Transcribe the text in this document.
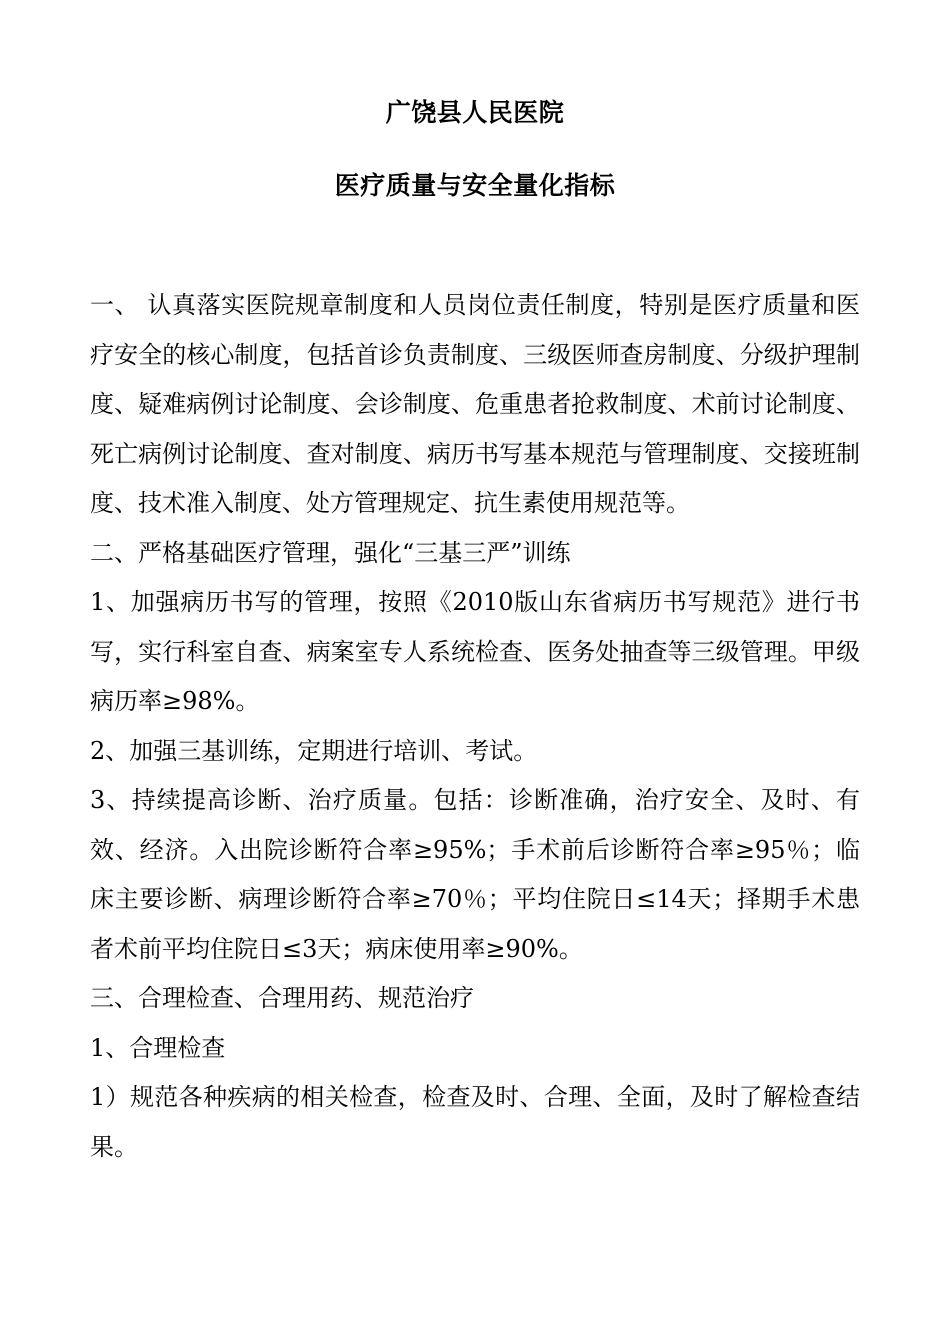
广饶县人民医院
医疗质量与安全量化指标

一、 认真落实医院规章制度和人员岗位责任制度，特别是医疗质量和医疗安全的核心制度，包括首诊负责制度、三级医师查房制度、分级护理制度、疑难病例讨论制度、会诊制度、危重患者抢救制度、术前讨论制度、死亡病例讨论制度、查对制度、病历书写基本规范与管理制度、交接班制度、技术准入制度、处方管理规定、抗生素使用规范等。

二、严格基础医疗管理，强化“三基三严”训练

1、加强病历书写的管理，按照《2010版山东省病历书写规范》进行书写，实行科室自查、病案室专人系统检查、医务处抽查等三级管理。甲级病历率≥98%。

2、加强三基训练，定期进行培训、考试。

3、持续提高诊断、治疗质量。包括：诊断准确，治疗安全、及时、有效、经济。入出院诊断符合率≥95%；手术前后诊断符合率≥95％；临床主要诊断、病理诊断符合率≥70％；平均住院日≤14天；择期手术患者术前平均住院日≤3天；病床使用率≥90%。

三、合理检查、合理用药、规范治疗

1、合理检查

1）规范各种疾病的相关检查，检查及时、合理、全面，及时了解检查结果。
